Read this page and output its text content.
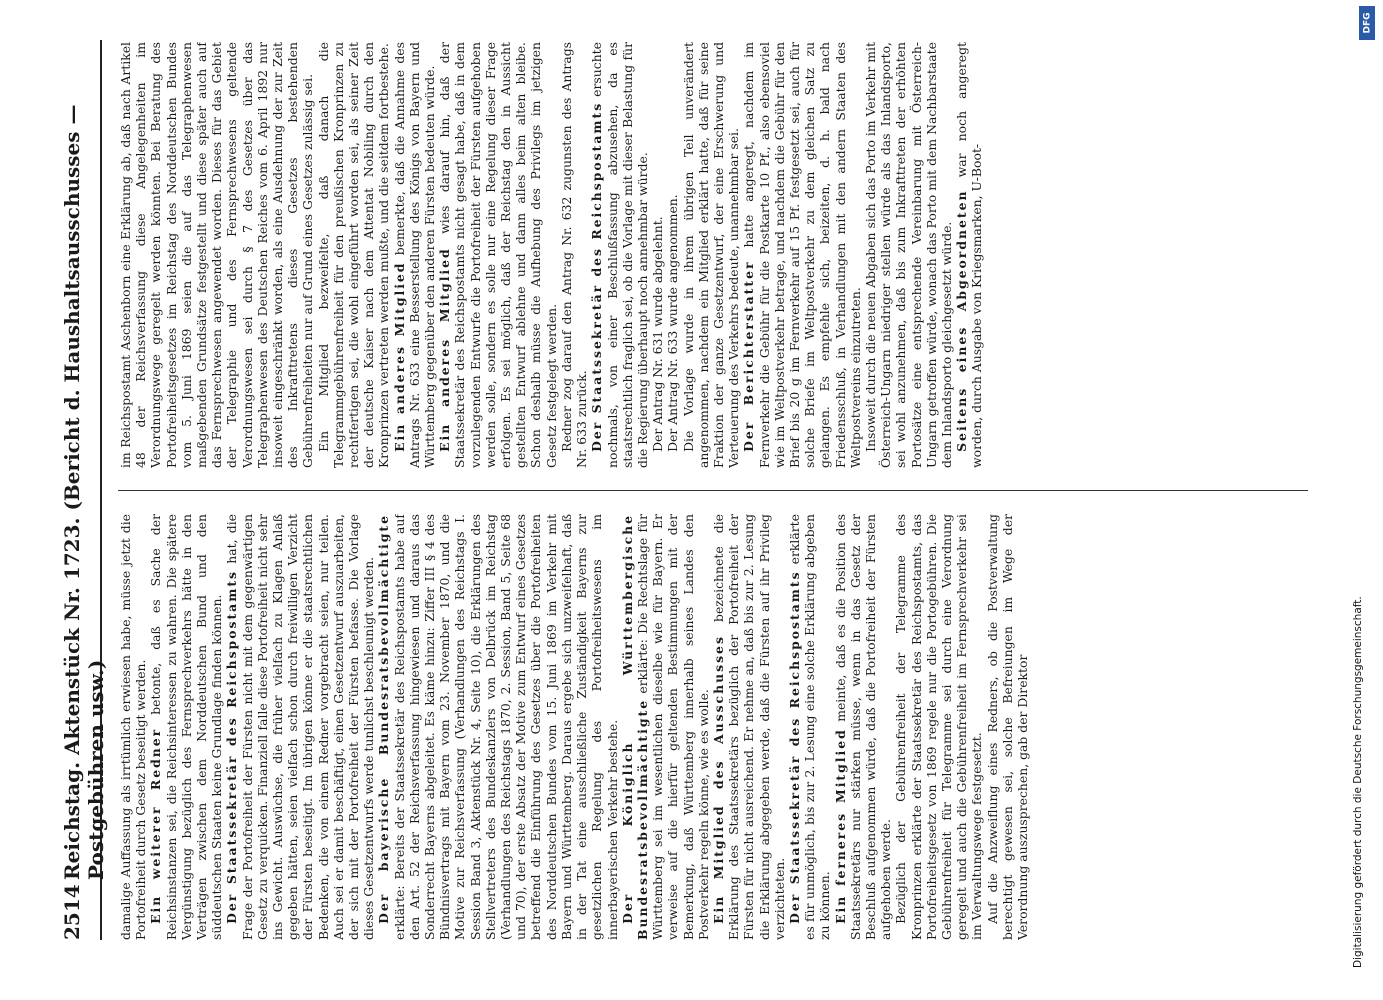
2514
Reichstag. Aktenstück Nr. 1723. (Bericht d. Haushaltsausschusses — Postgebühren usw.) damalige Auffassung als irrtümlich erwiesen habe, müsse jetzt die Portofreiheit durch Gesetz beseitigt werden. Ein weiterer Redner betonte, daß es Sache der Reichsinstanzen sei, die Reichsinteressen zu wahren. Die spätere Vergünstigung bezüglich des Fernsprechverkehrs hätte in den Verträgen zwischen dem Norddeutschen Bund und den süddeutschen Staaten keine Grundlage finden können. Der Staatssekretär des Reichspostamts hat, die Frage der Portofreiheit der Fürsten nicht mit dem gegenwärtigen Gesetz zu verquicken. Finanziell falle diese Portofreiheit nicht sehr ins Gewicht. Auswüchse, die früher vielfach zu Klagen Anlaß gegeben hätten, seien vielfach schon durch freiwilligen Verzicht der Fürsten beseitigt. Im übrigen könne er die staatsrechtlichen Bedenken, die von einem Redner vorgebracht seien, nur teilen. Auch sei er damit beschäftigt, einen Gesetzentwurf auszuarbeiten, der sich mit der Portofreiheit der Fürsten befasse. Die Vorlage dieses Gesetzentwurfs werde tunlichst beschleunigt werden. Der bayerische Bundesratsbevollmächtigte erklärte: Bereits der Staatssekretär des Reichspostamts habe auf den Art. 52 der Reichsverfassung hingewiesen und daraus das Sonderrecht Bayerns abgeleitet. Es käme hinzu: Ziffer III § 4 des Bündnisvertrags mit Bayern vom 23. November 1870, und die Motive zur Reichsverfassung (Verhandlungen des Reichstags I. Session Band 3, Aktenstück Nr. 4, Seite 10), die Erklärungen des Stellvertreters des Bundeskanzlers von Delbrück im Reichstag (Verhandlungen des Reichstags 1870, 2. Session, Band 5, Seite 68 und 70), der erste Absatz der Motive zum Entwurf eines Gesetzes betreffend die Einführung des Gesetzes über die Portofreiheiten des Norddeutschen Bundes vom 15. Juni 1869 im Verkehr mit Bayern und Württemberg. Daraus ergebe sich unzweifelhaft, daß in der Tat eine ausschließliche Zuständigkeit Bayerns zur gesetzlichen Regelung des Portofreiheitswesens im innerbayerischen Verkehr bestehe. Der Königlich Württembergische Bundesratsbevollmächtigte erklärte: Die Rechtslage für Württemberg sei im wesentlichen dieselbe wie für Bayern. Er verweise auf die hierfür geltenden Bestimmungen mit der Bemerkung, daß Württemberg innerhalb seines Landes den Postverkehr regeln könne, wie es wolle. Ein Mitglied des Ausschusses bezeichnete die Erklärung des Staatssekretärs bezüglich der Portofreiheit der Fürsten für nicht ausreichend. Er nehme an, daß bis zur 2. Lesung die Erklärung abgegeben werde, daß die Fürsten auf ihr Privileg verzichteten. Der Staatssekretär des Reichspostamts erklärte es für unmöglich, bis zur 2. Lesung eine solche Erklärung abgeben zu können. Ein ferneres Mitglied meinte, daß es die Position des Staatssekretärs nur stärken müsse, wenn in das Gesetz der Beschluß aufgenommen würde, daß die Portofreiheit der Fürsten aufgehoben werde. Bezüglich der Gebührenfreiheit der Telegramme des Kronprinzen erklärte der Staatssekretär des Reichspostamts, das Portofreiheitsgesetz von 1869 regele nur die Portogebühren. Die Gebührenfreiheit für Telegramme sei durch eine Verordnung geregelt und auch die Gebührenfreiheit im Fernsprechverkehr sei im Verwaltungswege festgesetzt. Auf die Anzweiflung eines Redners, ob die Postverwaltung berechtigt gewesen sei, solche Befreiungen im Wege der Verordnung auszusprechen, gab der Direktor

im Reichspostamt Aschenborn eine Erklärung ab, daß nach Artikel 48 der Reichsverfassung diese Angelegenheiten im Verordnungswege geregelt werden könnten. Bei Beratung des Portofreiheitsgesetzes im Reichstag des Norddeutschen Bundes vom 5. Juni 1869 seien die auf das Telegraphenwesen maßgebenden Grundsätze festgestellt und diese später auch auf das Fernsprechwesen angewendet worden. Dieses für das Gebiet der Telegraphie und des Fernsprechwesens geltende Verordnungswesen sei durch § 7 des Gesetzes über das Telegraphenwesen des Deutschen Reiches vom 6. April 1892 nur insoweit eingeschränkt worden, als eine Ausdehnung der zur Zeit des Inkrafttretens dieses Gesetzes bestehenden Gebührenfreiheiten nur auf Grund eines Gesetzes zulässig sei. Ein Mitglied bezweifelte, daß danach die Telegrammgebührenfreiheit für den preußischen Kronprinzen zu rechtfertigen sei, die wohl eingeführt worden sei, als seiner Zeit der deutsche Kaiser nach dem Attentat Nobiling durch den Kronprinzen vertreten werden mußte, und die seitdem fortbestehe. Ein anderes Mitglied bemerkte, daß die Annahme des Antrags Nr. 633 eine Besserstellung des Königs von Bayern und Württemberg gegenüber den anderen Fürsten bedeuten würde. Ein anderes Mitglied wies darauf hin, daß der Staatssekretär des Reichspostamts nicht gesagt habe, daß in dem vorzulegenden Entwurfe die Portofreiheit der Fürsten aufgehoben werden solle, sondern es solle nur eine Regelung dieser Frage erfolgen. Es sei möglich, daß der Reichstag den in Aussicht gestellten Entwurf ablehne und dann alles beim alten bleibe. Schon deshalb müsse die Aufhebung des Privilegs im jetzigen Gesetz festgelegt werden. Redner zog darauf den Antrag Nr. 632 zugunsten des Antrags Nr. 633 zurück. Der Staatssekretär des Reichspostamts ersuchte nochmals, von einer Beschlußfassung abzusehen, da es staatsrechtlich fraglich sei, ob die Vorlage mit dieser Belastung für die Regierung überhaupt noch annehmbar würde. Der Antrag Nr. 631 wurde abgelehnt. Der Antrag Nr. 633 wurde angenommen. Die Vorlage wurde in ihrem übrigen Teil unverändert angenommen, nachdem ein Mitglied erklärt hatte, daß für seine Fraktion der ganze Gesetzentwurf, der eine Erschwerung und Verteuerung des Verkehrs bedeute, unannehmbar sei. Der Berichterstatter hatte angeregt, nachdem im Fernverkehr die Gebühr für die Postkarte 10 Pf., also ebensoviel wie im Weltpostverkehr betrage, und nachdem die Gebühr für den Brief bis 20 g im Fernverkehr auf 15 Pf. festgesetzt sei, auch für solche Briefe im Weltpostverkehr zu dem gleichen Satz zu gelangen. Es empfehle sich, beizeiten, d. h. bald nach Friedensschluß, in Verhandlungen mit den andern Staaten des Weltpostvereins einzutreten. Insoweit durch die neuen Abgaben sich das Porto im Verkehr mit Österreich-Ungarn niedriger stellen würde als das Inlandsporto, sei wohl anzunehmen, daß bis zum Inkrafttreten der erhöhten Portosätze eine entsprechende Vereinbarung mit Österreich-Ungarn getroffen würde, wonach das Porto mit dem Nachbarstaate dem Inlandsporto gleichgesetzt würde. Seitens eines Abgeordneten war noch angeregt worden, durch Ausgabe von Kriegsmarken, U-Boot-

DFG
Digitalisierung gefördert durch die Deutsche Forschungsgemeinschaft.
